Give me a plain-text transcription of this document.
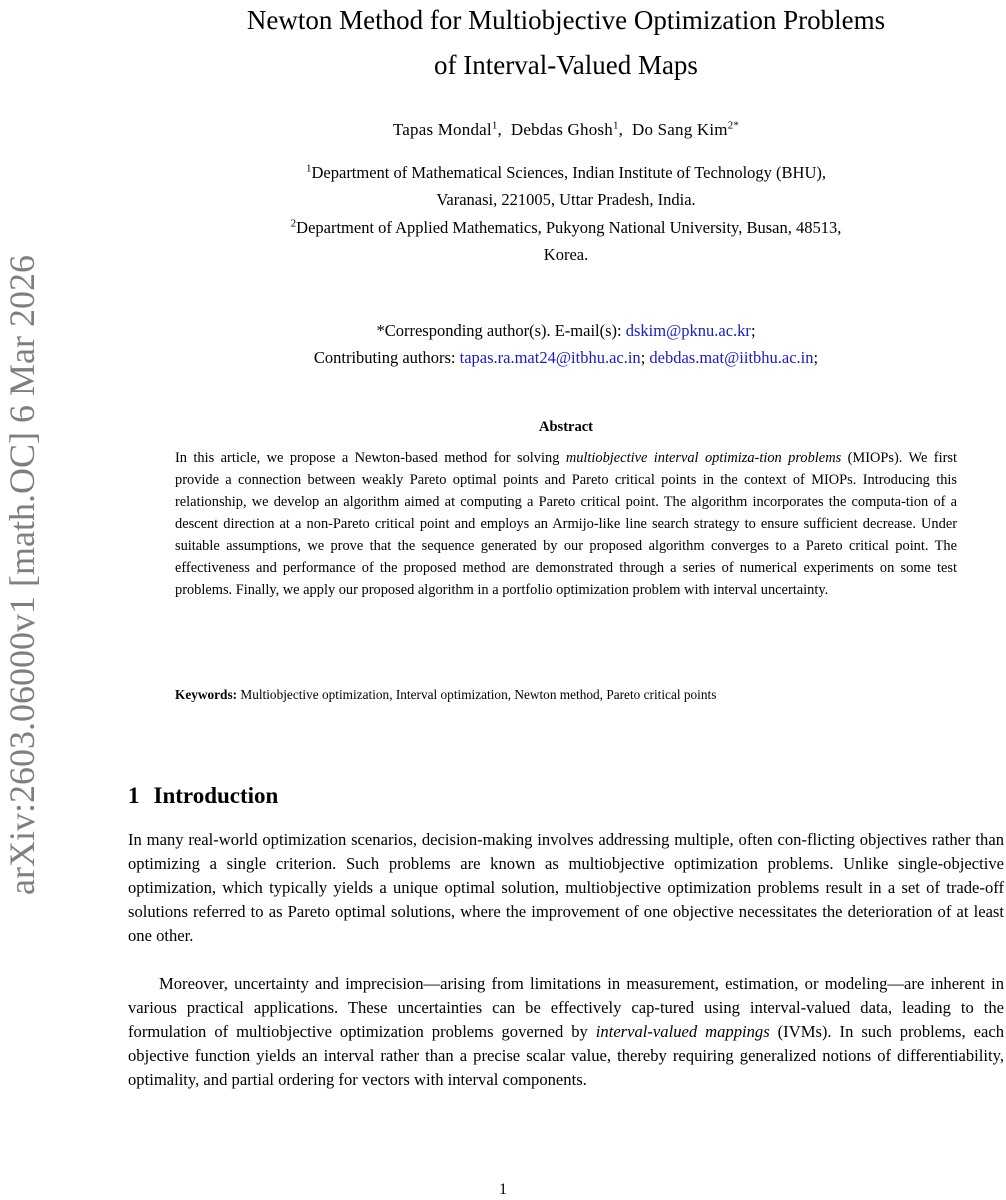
arXiv:2603.06000v1 [math.OC] 6 Mar 2026
Newton Method for Multiobjective Optimization Problems
of Interval-Valued Maps
Tapas Mondal$^1$,  Debdas Ghosh$^1$,  Do Sang Kim$^{2*}$
$^1$Department of Mathematical Sciences, Indian Institute of Technology (BHU),
Varanasi, 221005, Uttar Pradesh, India.
$^2$Department of Applied Mathematics, Pukyong National University, Busan, 48513,
Korea.
*Corresponding author(s). E-mail(s): dskim@pknu.ac.kr;
Contributing authors: tapas.ra.mat24@itbhu.ac.in; debdas.mat@iitbhu.ac.in;
Abstract
In this article, we propose a Newton-based method for solving multiobjective interval optimiza-tion problems (MIOPs). We first provide a connection between weakly Pareto optimal points and Pareto critical points in the context of MIOPs. Introducing this relationship, we develop an algorithm aimed at computing a Pareto critical point. The algorithm incorporates the computa-tion of a descent direction at a non-Pareto critical point and employs an Armijo-like line search strategy to ensure sufficient decrease. Under suitable assumptions, we prove that the sequence generated by our proposed algorithm converges to a Pareto critical point. The effectiveness and performance of the proposed method are demonstrated through a series of numerical experiments on some test problems. Finally, we apply our proposed algorithm in a portfolio optimization problem with interval uncertainty.
Keywords: Multiobjective optimization, Interval optimization, Newton method, Pareto critical points
1 Introduction
In many real-world optimization scenarios, decision-making involves addressing multiple, often con-flicting objectives rather than optimizing a single criterion. Such problems are known as multiobjective optimization problems. Unlike single-objective optimization, which typically yields a unique optimal solution, multiobjective optimization problems result in a set of trade-off solutions referred to as Pareto optimal solutions, where the improvement of one objective necessitates the deterioration of at least one other.
Moreover, uncertainty and imprecision—arising from limitations in measurement, estimation, or modeling—are inherent in various practical applications. These uncertainties can be effectively cap-tured using interval-valued data, leading to the formulation of multiobjective optimization problems governed by interval-valued mappings (IVMs). In such problems, each objective function yields an interval rather than a precise scalar value, thereby requiring generalized notions of differentiability, optimality, and partial ordering for vectors with interval components.
1
